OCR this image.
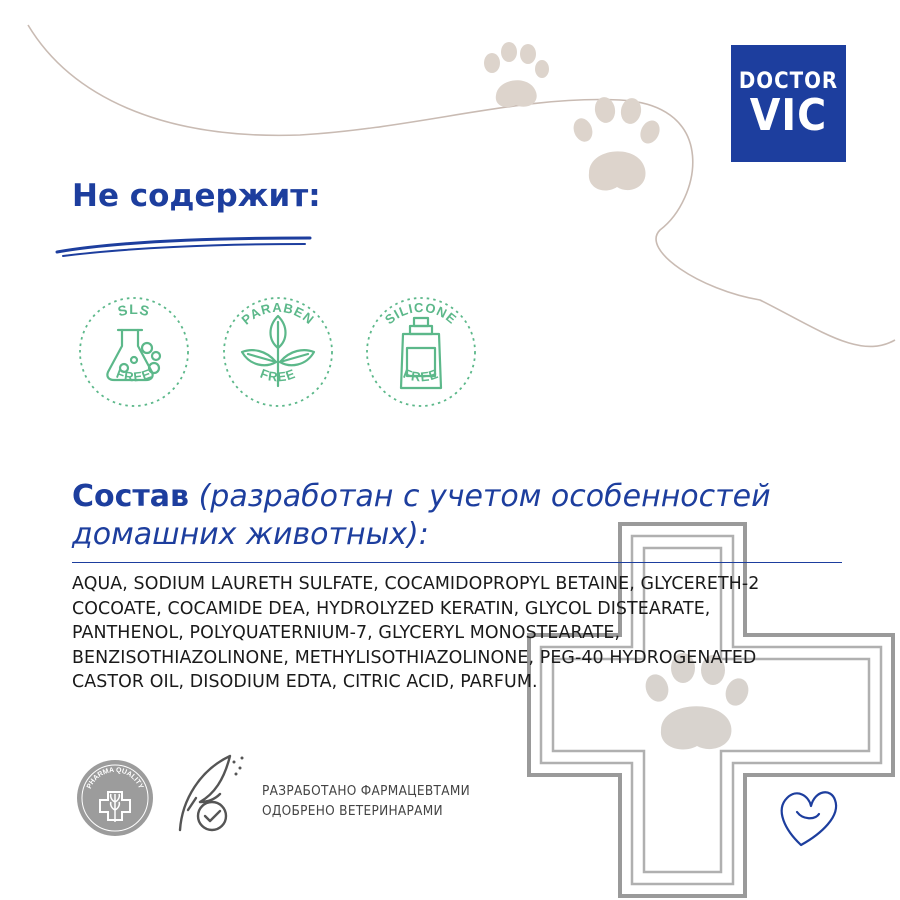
DOCTOR
VIC
Не содержит:
SLS
FREE
PARABEN
FREE
SILICONE
FREE
Состав (разработан с учетом особенностей домашних животных):
AQUA, SODIUM LAURETH SULFATE, COCAMIDOPROPYL BETAINE, GLYCERETH-2
COCOATE, COCAMIDE DEA, HYDROLYZED KERATIN, GLYCOL DISTEARATE,
PANTHENOL, POLYQUATERNIUM-7, GLYCERYL MONOSTEARATE,
BENZISOTHIAZOLINONE, METHYLISOTHIAZOLINONE, PEG-40 HYDROGENATED
CASTOR OIL, DISODIUM EDTA, CITRIC ACID, PARFUM.
PHARMA QUALITY	РАЗРАБОТАНО ФАРМАЦЕВТАМИ
ОДОБРЕНО ВЕТЕРИНАРАМИ
